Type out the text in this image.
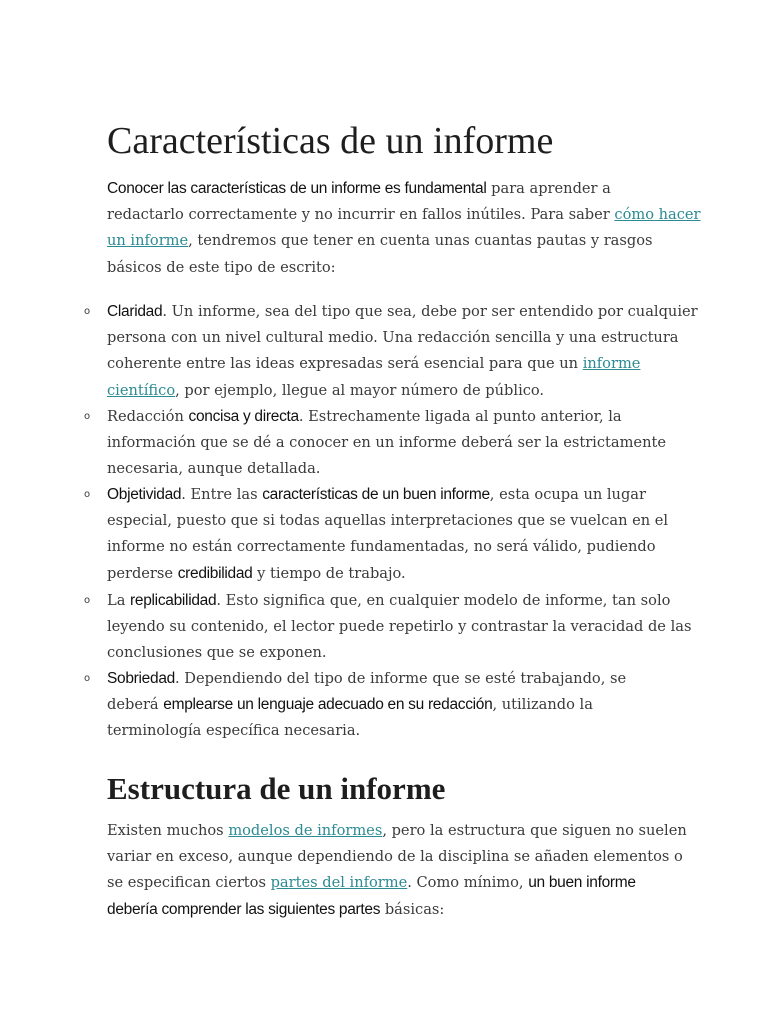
Características de un informe

Conocer las características de un informe es fundamental para aprender a
redactarlo correctamente y no incurrir en fallos inútiles. Para saber cómo hacer
un informe, tendremos que tener en cuenta unas cuantas pautas y rasgos
básicos de este tipo de escrito:

o Claridad. Un informe, sea del tipo que sea, debe por ser entendido por cualquier
persona con un nivel cultural medio. Una redacción sencilla y una estructura
coherente entre las ideas expresadas será esencial para que un informe
científico, por ejemplo, llegue al mayor número de público.

o Redacción concisa y directa. Estrechamente ligada al punto anterior, la
información que se dé a conocer en un informe deberá ser la estrictamente
necesaria, aunque detallada.

o Objetividad. Entre las características de un buen informe, esta ocupa un lugar
especial, puesto que si todas aquellas interpretaciones que se vuelcan en el
informe no están correctamente fundamentadas, no será válido, pudiendo
perderse credibilidad y tiempo de trabajo.

o La replicabilidad. Esto significa que, en cualquier modelo de informe, tan solo
leyendo su contenido, el lector puede repetirlo y contrastar la veracidad de las
conclusiones que se exponen.

o Sobriedad. Dependiendo del tipo de informe que se esté trabajando, se
deberá emplearse un lenguaje adecuado en su redacción, utilizando la
terminología específica necesaria.

Estructura de un informe

Existen muchos modelos de informes, pero la estructura que siguen no suelen
variar en exceso, aunque dependiendo de la disciplina se añaden elementos o
se especifican ciertos partes del informe. Como mínimo, un buen informe
debería comprender las siguientes partes básicas:
